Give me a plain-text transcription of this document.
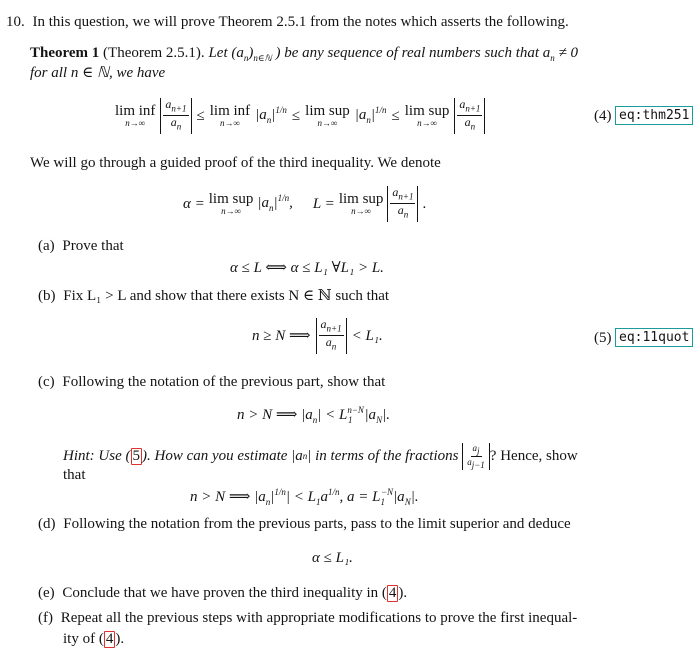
10. In this question, we will prove Theorem 2.5.1 from the notes which asserts the following.
Theorem 1 (Theorem 2.5.1). Let $(a_n)_{n\in ℕ}$ ) be any sequence of real numbers such that $a_n \ne 0$
for all n ∈ ℕ, we have
lim inf
$n\to\infty \frac{a_{n+1}}{a_n} \le \lim$ inf
n→∞
$|a_n|^{1/n} \le \lim$ sup
n→∞
$|a_n|^{1/n} \le \lim$ sup
$n\to\infty \frac{a_{n+1}}{a_n}$	(4) eq:thm251
We will go through a guided proof of the third inequality. We denote
α = lim sup
n→∞
$|a_n|^{1/n}$, L = lim sup
$n\to\infty \frac{a_{n+1}}{a_n}$ .
(a) Prove that
α ≤ L ⟺ α ≤ L₁ ∀L₁ > L.
(b) Fix L₁ > L and show that there exists N ∈ ℕ such that
n ≥ N ⟹ $\frac{a_{n+1}}{a_n} < L_1$.	(5) eq:11quot
(c) Following the notation of the previous part, show that
n > N ⟹ $|a_n| < L^{n-N}_1$ $|a_N|$.
Hint: Use ( 5 ) . How can you estimate |a n | in terms of the fractions
$\frac{a_j}{a_{j-1}}$ ? Hence, show
that
n > N ⟹ $|a_n|^{1/n}| < L_1a^{1/n}$, $a = L_1^{-N}|a_N|$.
(d) Following the notation from the previous parts, pass to the limit superior and deduce
α ≤ L₁.
(e) Conclude that we have proven the third inequality in ( 4 ).
(f) Repeat all the previous steps with appropriate modifications to prove the first inequal-
ity of ( 4 ).
